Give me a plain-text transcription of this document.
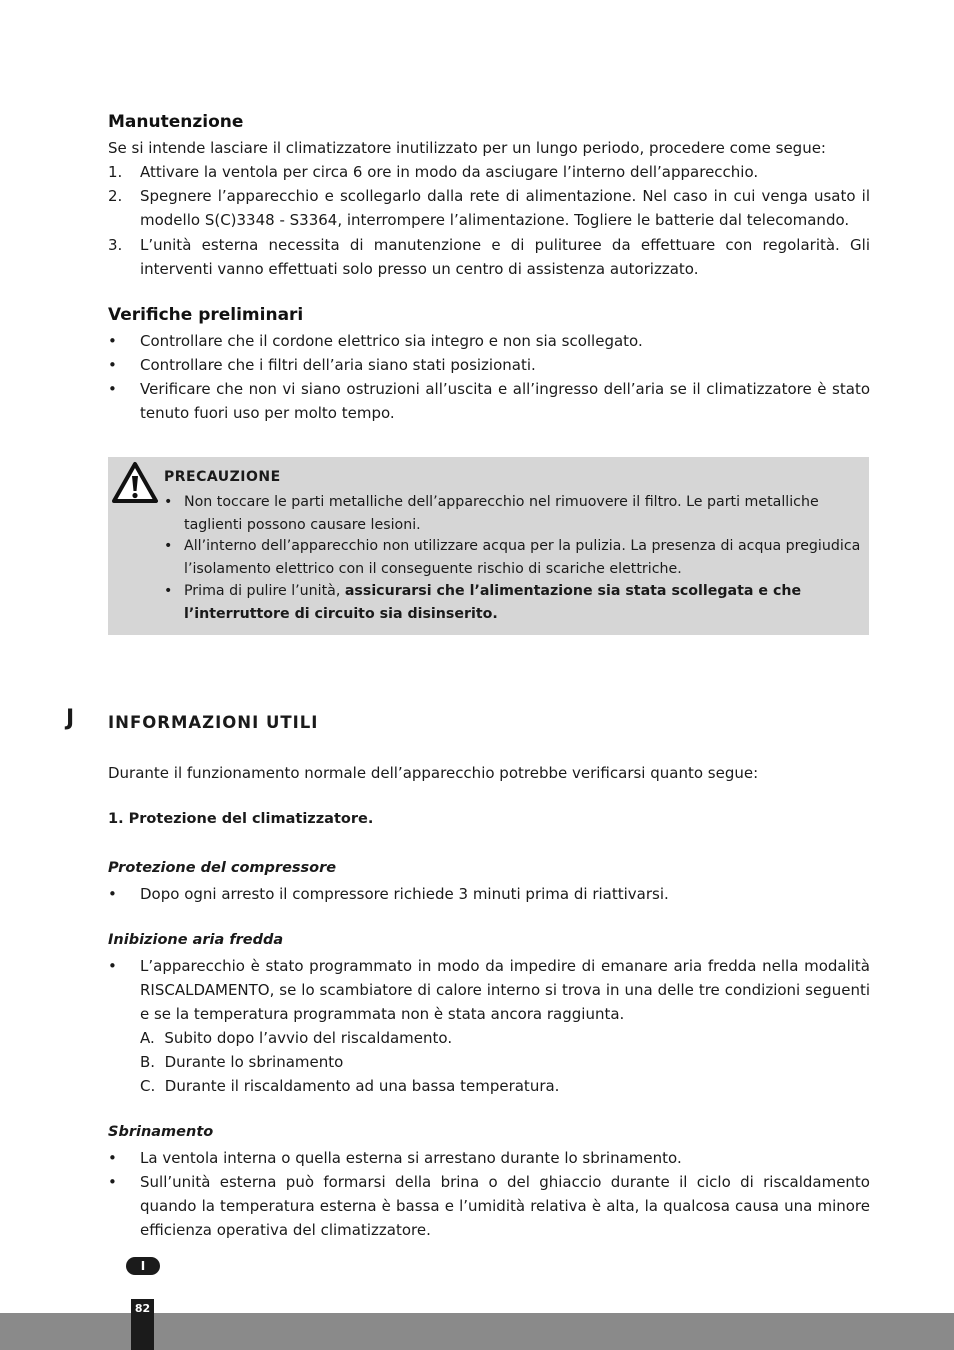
Manutenzione
Se si intende lasciare il climatizzatore inutilizzato per un lungo periodo, procedere come segue:
1. Attivare la ventola per circa 6 ore in modo da asciugare l’interno dell’apparecchio.
2. Spegnere l’apparecchio e scollegarlo dalla rete di alimentazione. Nel caso in cui venga usato il modello S(C)3348 - S3364, interrompere l’alimentazione. Togliere le batterie dal telecomando.
3. L’unità esterna necessita di manutenzione e di pulituree da effettuare con regolarità. Gli interventi vanno effettuati solo presso un centro di assistenza autorizzato.
Verifiche preliminari
• Controllare che il cordone elettrico sia integro e non sia scollegato.
• Controllare che i filtri dell’aria siano stati posizionati.
• Verificare che non vi siano ostruzioni all’uscita e all’ingresso dell’aria se il climatizzatore è stato tenuto fuori uso per molto tempo.
PRECAUZIONE
• Non toccare le parti metalliche dell’apparecchio nel rimuovere il filtro. Le parti metalliche taglienti possono causare lesioni.
• All’interno dell’apparecchio non utilizzare acqua per la pulizia. La presenza di acqua pregiudica l’isolamento elettrico con il conseguente rischio di scariche elettriche.
• Prima di pulire l’unità, assicurarsi che l’alimentazione sia stata scollegata e che l’interruttore di circuito sia disinserito.
J INFORMAZIONI UTILI
Durante il funzionamento normale dell’apparecchio potrebbe verificarsi quanto segue:
1. Protezione del climatizzatore.
Protezione del compressore
• Dopo ogni arresto il compressore richiede 3 minuti prima di riattivarsi.
Inibizione aria fredda
• L’apparecchio è stato programmato in modo da impedire di emanare aria fredda nella modalità RISCALDAMENTO, se lo scambiatore di calore interno si trova in una delle tre condizioni seguenti e se la temperatura programmata non è stata ancora raggiunta.
A. Subito dopo l’avvio del riscaldamento.
B. Durante lo sbrinamento
C. Durante il riscaldamento ad una bassa temperatura.
Sbrinamento
• La ventola interna o quella esterna si arrestano durante lo sbrinamento.
• Sull’unità esterna può formarsi della brina o del ghiaccio durante il ciclo di riscaldamento quando la temperatura esterna è bassa e l’umidità relativa è alta, la qualcosa causa una minore efficienza operativa del climatizzatore.
I
82
